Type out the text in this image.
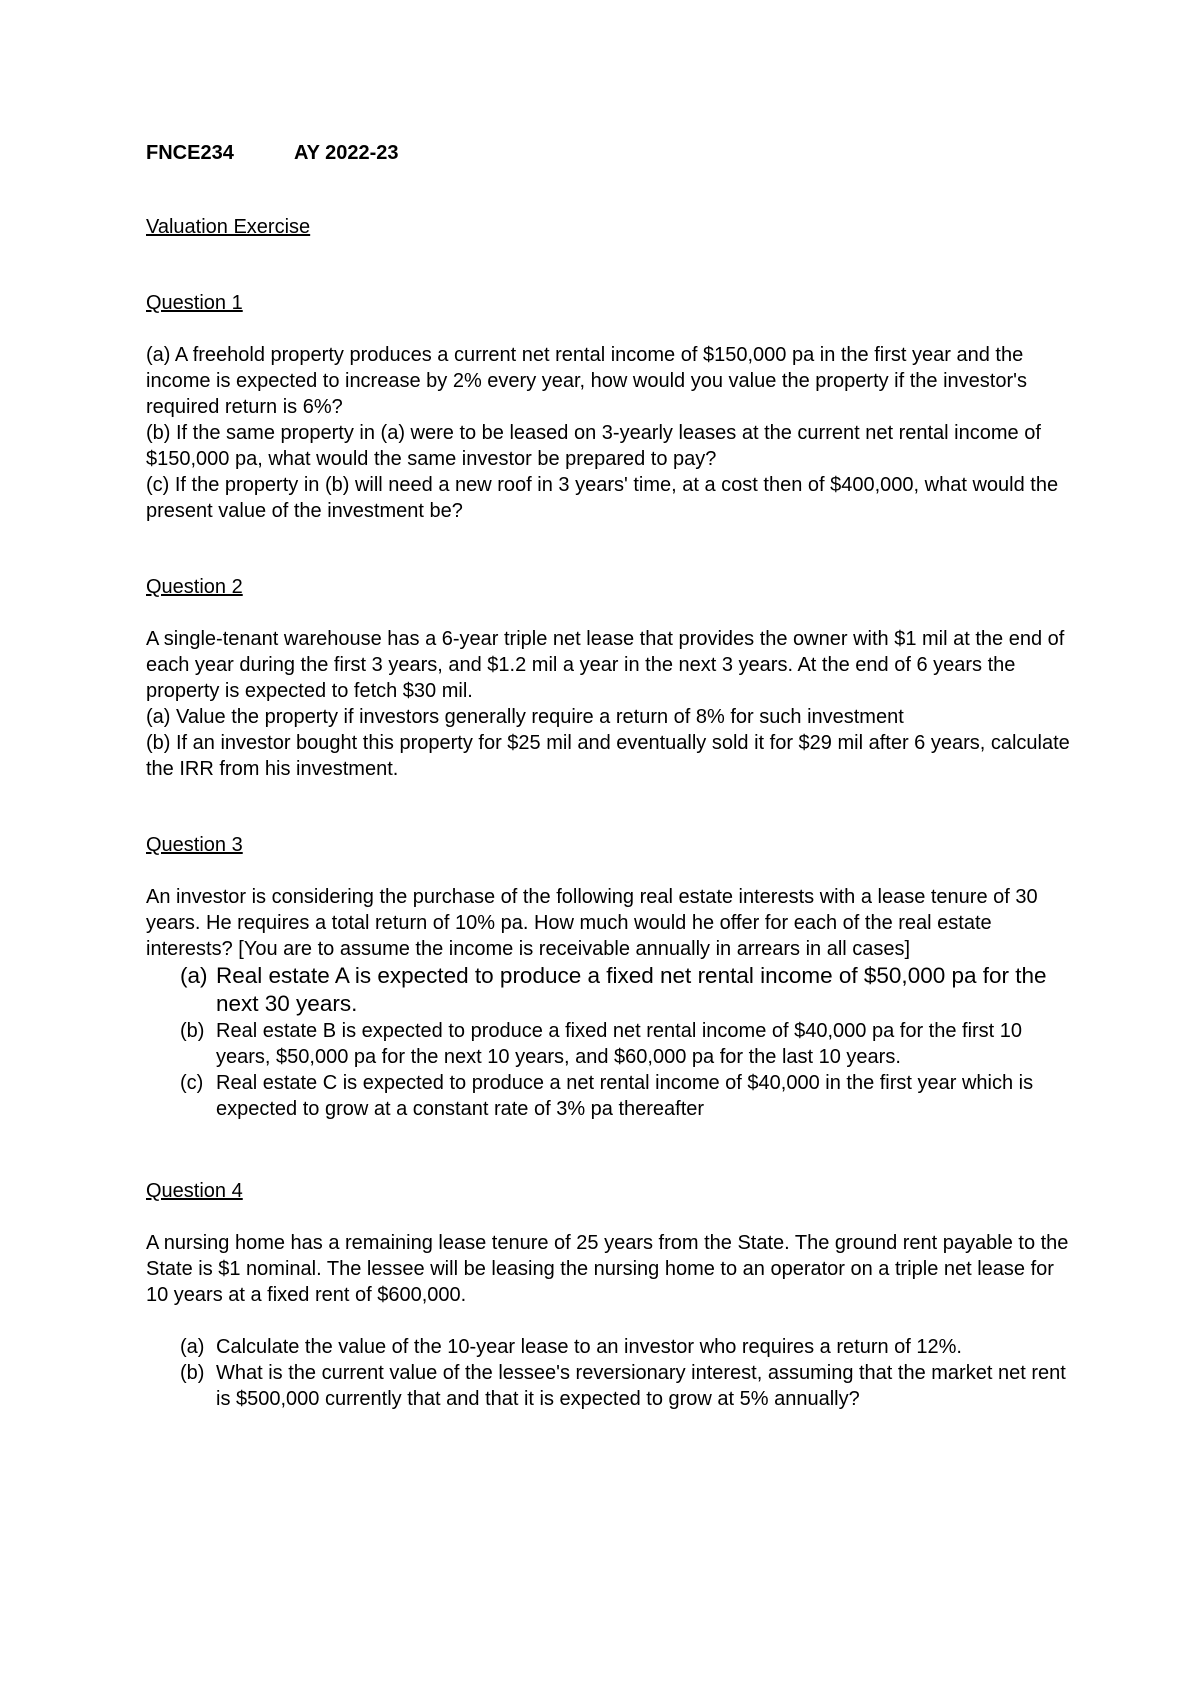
FNCE234	AY 2022-23
Valuation Exercise
Question 1

(a) A freehold property produces a current net rental income of $150,000 pa in the first year and the income is expected to increase by 2% every year, how would you value the property if the investor's required return is 6%?

(b) If the same property in (a) were to be leased on 3-yearly leases at the current net rental income of $150,000 pa, what would the same investor be prepared to pay?

(c) If the property in (b) will need a new roof in 3 years' time, at a cost then of $400,000, what would the present value of the investment be?

Question 2

A single-tenant warehouse has a 6-year triple net lease that provides the owner with $1 mil at the end of each year during the first 3 years, and $1.2 mil a year in the next 3 years. At the end of 6 years the property is expected to fetch $30 mil.

(a) Value the property if investors generally require a return of 8% for such investment

(b) If an investor bought this property for $25 mil and eventually sold it for $29 mil after 6 years, calculate the IRR from his investment.

Question 3

An investor is considering the purchase of the following real estate interests with a lease tenure of 30 years. He requires a total return of 10% pa. How much would he offer for each of the real estate interests? [You are to assume the income is receivable annually in arrears in all cases]

(a) Real estate A is expected to produce a fixed net rental income of $50,000 pa for the next 30 years.
(b) Real estate B is expected to produce a fixed net rental income of $40,000 pa for the first 10 years, $50,000 pa for the next 10 years, and $60,000 pa for the last 10 years.
(c) Real estate C is expected to produce a net rental income of $40,000 in the first year which is expected to grow at a constant rate of 3% pa thereafter
Question 4

A nursing home has a remaining lease tenure of 25 years from the State. The ground rent payable to the State is $1 nominal. The lessee will be leasing the nursing home to an operator on a triple net lease for 10 years at a fixed rent of $600,000.

(a) Calculate the value of the 10-year lease to an investor who requires a return of 12%.
(b) What is the current value of the lessee's reversionary interest, assuming that the market net rent is $500,000 currently that and that it is expected to grow at 5% annually?
